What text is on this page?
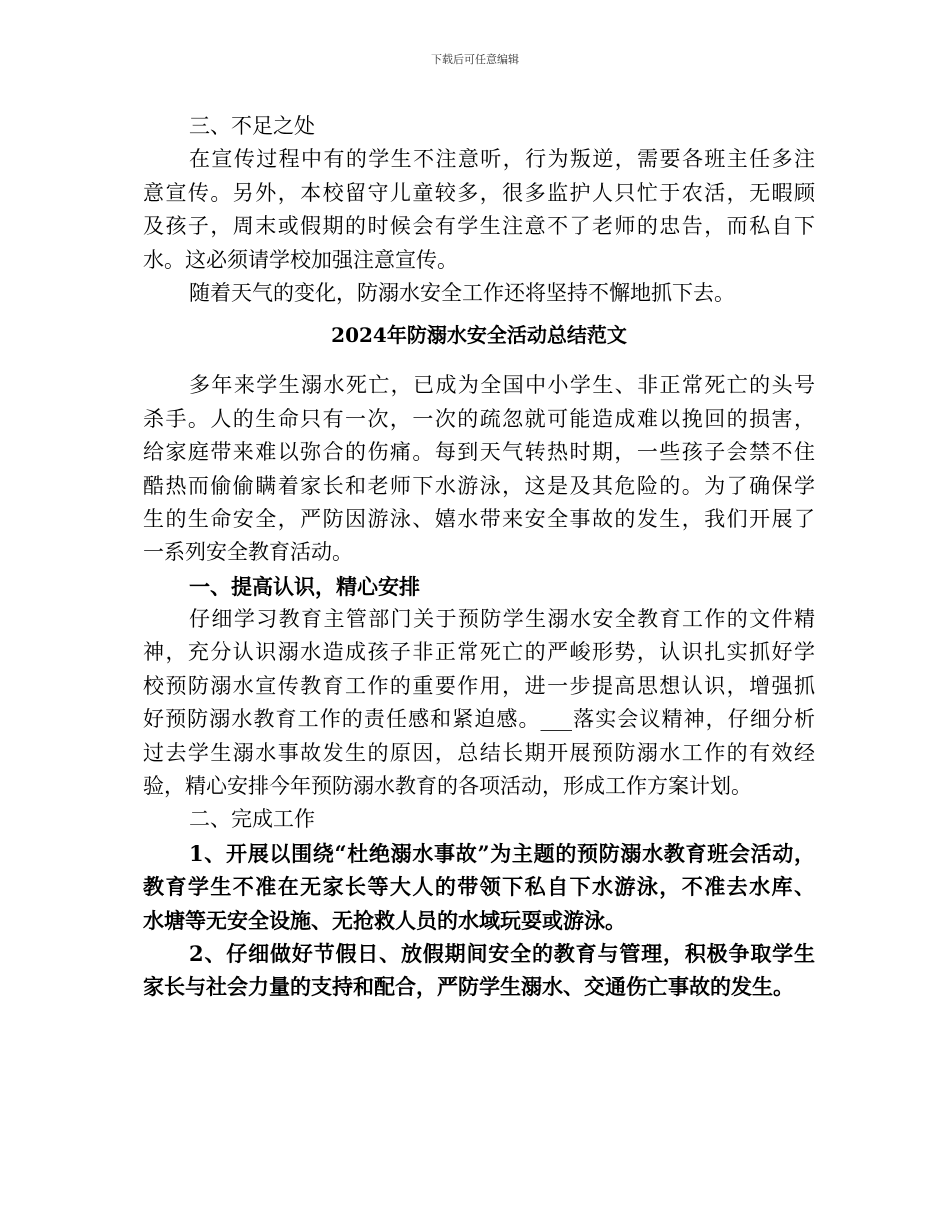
下载后可任意编辑
三、不足之处
在宣传过程中有的学生不注意听，行为叛逆，需要各班主任多注
意宣传。另外，本校留守儿童较多，很多监护人只忙于农活，无暇顾
及孩子，周末或假期的时候会有学生注意不了老师的忠告，而私自下
水。这必须请学校加强注意宣传。
随着天气的变化，防溺水安全工作还将坚持不懈地抓下去。
2024年防溺水安全活动总结范文
多年来学生溺水死亡，已成为全国中小学生、非正常死亡的头号
杀手。人的生命只有一次，一次的疏忽就可能造成难以挽回的损害，
给家庭带来难以弥合的伤痛。每到天气转热时期，一些孩子会禁不住
酷热而偷偷瞒着家长和老师下水游泳，这是及其危险的。为了确保学
生的生命安全，严防因游泳、嬉水带来安全事故的发生，我们开展了
一系列安全教育活动。
一、提高认识，精心安排
仔细学习教育主管部门关于预防学生溺水安全教育工作的文件精
神，充分认识溺水造成孩子非正常死亡的严峻形势，认识扎实抓好学
校预防溺水宣传教育工作的重要作用，进一步提高思想认识，增强抓
好预防溺水教育工作的责任感和紧迫感。___落实会议精神，仔细分析
过去学生溺水事故发生的原因，总结长期开展预防溺水工作的有效经
验，精心安排今年预防溺水教育的各项活动，形成工作方案计划。
二、完成工作
1、开展以围绕“杜绝溺水事故”为主题的预防溺水教育班会活动，
教育学生不准在无家长等大人的带领下私自下水游泳，不准去水库、
水塘等无安全设施、无抢救人员的水域玩耍或游泳。
2、仔细做好节假日、放假期间安全的教育与管理，积极争取学生
家长与社会力量的支持和配合，严防学生溺水、交通伤亡事故的发生。
